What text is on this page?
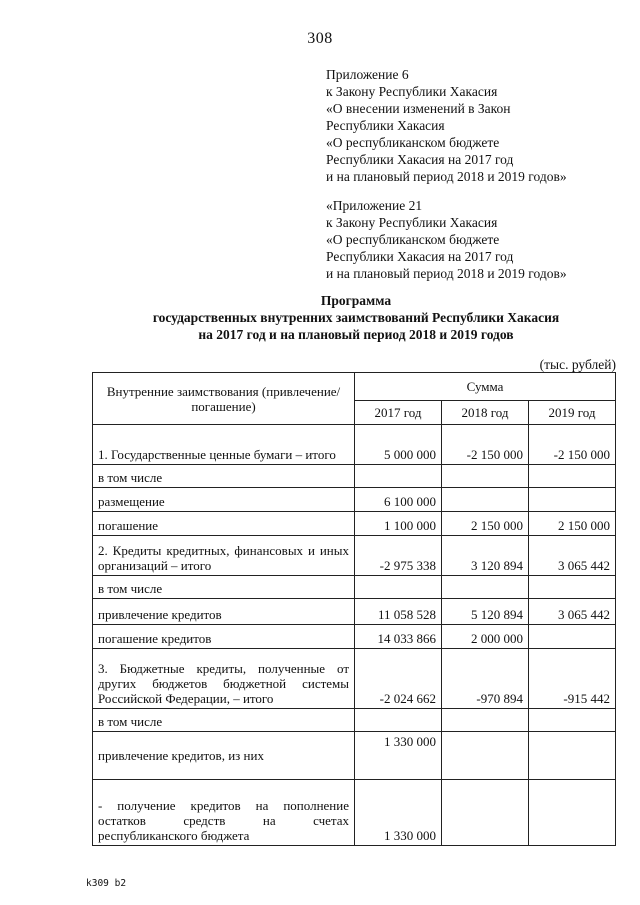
308
Приложение 6
к Закону Республики Хакасия
«О внесении изменений в Закон
Республики Хакасия
«О республиканском бюджете
Республики Хакасия на 2017 год
и на плановый период 2018 и 2019 годов»
«Приложение 21
к Закону Республики Хакасия
«О республиканском бюджете
Республики Хакасия на 2017 год
и на плановый период 2018 и 2019 годов»
Программа
государственных внутренних заимствований Республики Хакасия
на 2017 год и на плановый период 2018 и 2019 годов
(тыс. рублей)
Внутренние заимствования (привлечение/погашение)	Сумма		
	2017 год	2018 год	2019 год
1. Государственные ценные бумаги – итого	5 000 000	-2 150 000	-2 150 000
в том числе			
размещение	6 100 000		
погашение	1 100 000	2 150 000	2 150 000
2. Кредиты кредитных, финансовых и иных организаций – итого	-2 975 338	3 120 894	3 065 442
в том числе			
привлечение кредитов	11 058 528	5 120 894	3 065 442
погашение кредитов	14 033 866	2 000 000	
3. Бюджетные кредиты, полученные от других бюджетов бюджетной системы Российской Федерации, – итого	-2 024 662	-970 894	-915 442
в том числе			
привлечение кредитов, из них	1 330 000		
- получение кредитов на пополнение остатков средств на счетах республиканского бюджета	1 330 000		
k309 b2
